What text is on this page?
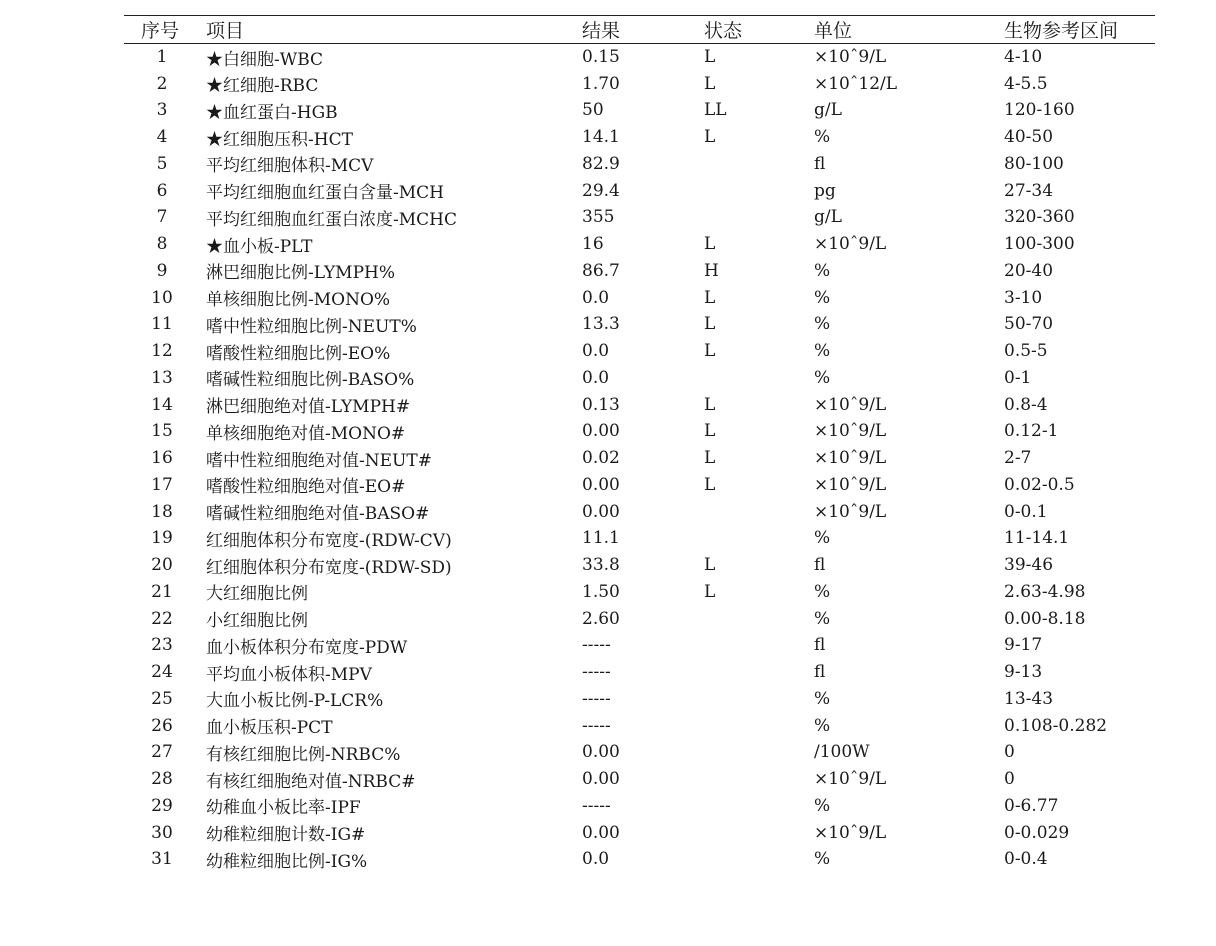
序号	项目	结果	状态	单位	生物参考区间
1	★白细胞-WBC	0.15	L	×10ˆ9/L	4-10
2	★红细胞-RBC	1.70	L	×10ˆ12/L	4-5.5
3	★血红蛋白-HGB	50	LL	g/L	120-160
4	★红细胞压积-HCT	14.1	L	%	40-50
5	平均红细胞体积-MCV	82.9		fl	80-100
6	平均红细胞血红蛋白含量-MCH	29.4		pg	27-34
7	平均红细胞血红蛋白浓度-MCHC	355		g/L	320-360
8	★血小板-PLT	16	L	×10ˆ9/L	100-300
9	淋巴细胞比例-LYMPH%	86.7	H	%	20-40
10	单核细胞比例-MONO%	0.0	L	%	3-10
11	嗜中性粒细胞比例-NEUT%	13.3	L	%	50-70
12	嗜酸性粒细胞比例-EO%	0.0	L	%	0.5-5
13	嗜碱性粒细胞比例-BASO%	0.0		%	0-1
14	淋巴细胞绝对值-LYMPH#	0.13	L	×10ˆ9/L	0.8-4
15	单核细胞绝对值-MONO#	0.00	L	×10ˆ9/L	0.12-1
16	嗜中性粒细胞绝对值-NEUT#	0.02	L	×10ˆ9/L	2-7
17	嗜酸性粒细胞绝对值-EO#	0.00	L	×10ˆ9/L	0.02-0.5
18	嗜碱性粒细胞绝对值-BASO#	0.00		×10ˆ9/L	0-0.1
19	红细胞体积分布宽度-(RDW-CV)	11.1		%	11-14.1
20	红细胞体积分布宽度-(RDW-SD)	33.8	L	fl	39-46
21	大红细胞比例	1.50	L	%	2.63-4.98
22	小红细胞比例	2.60		%	0.00-8.18
23	血小板体积分布宽度-PDW	-----		fl	9-17
24	平均血小板体积-MPV	-----		fl	9-13
25	大血小板比例-P-LCR%	-----		%	13-43
26	血小板压积-PCT	-----		%	0.108-0.282
27	有核红细胞比例-NRBC%	0.00		/100W	0
28	有核红细胞绝对值-NRBC#	0.00		×10ˆ9/L	0
29	幼稚血小板比率-IPF	-----		%	0-6.77
30	幼稚粒细胞计数-IG#	0.00		×10ˆ9/L	0-0.029
31	幼稚粒细胞比例-IG%	0.0		%	0-0.4
